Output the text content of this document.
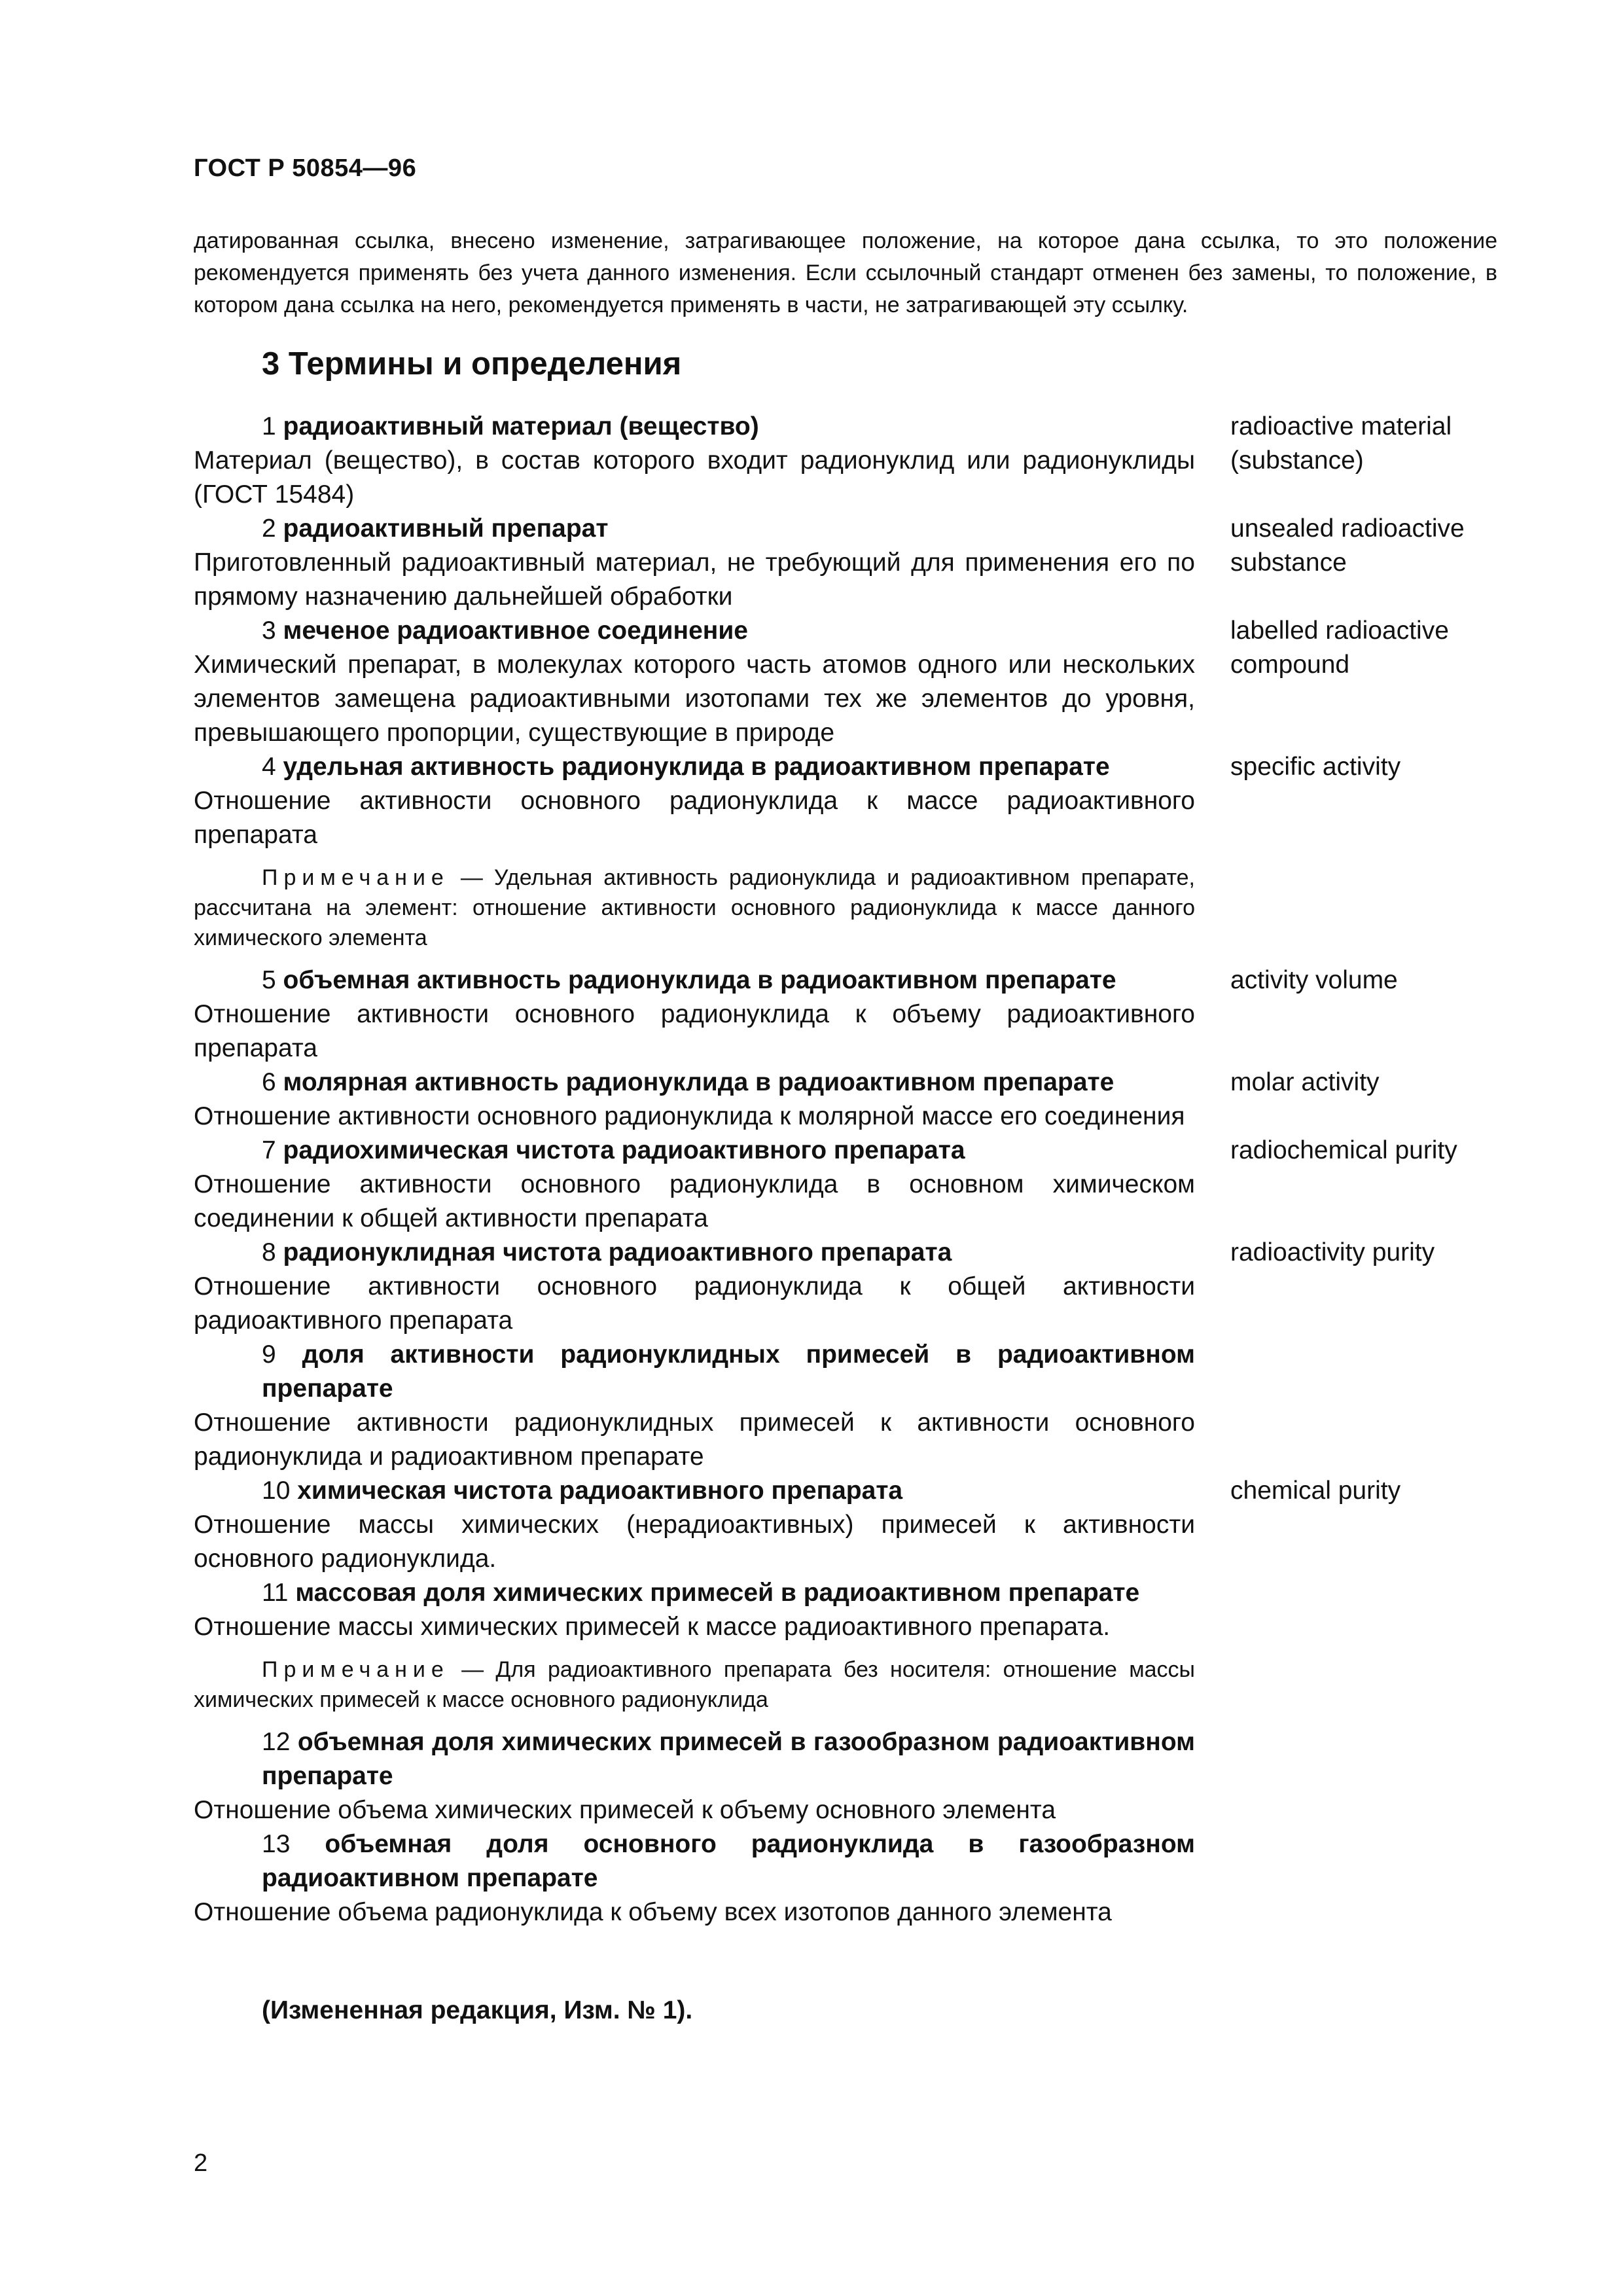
ГОСТ Р 50854—96
датированная ссылка, внесено изменение, затрагивающее положение, на которое дана ссылка, то это положение рекомендуется применять без учета данного изменения. Если ссылочный стандарт отменен без замены, то положение, в котором дана ссылка на него, рекомендуется применять в части, не затрагивающей эту ссылку.
3 Термины и определения
1 радиоактивный материал (вещество)
Материал (вещество), в состав которого входит радионуклид или радионуклиды (ГОСТ 15484)
radioactive material (substance)
2 радиоактивный препарат
Приготовленный радиоактивный материал, не требующий для применения его по прямому назначению дальнейшей обработки
unsealed radioactive substance
3 меченое радиоактивное соединение
Химический препарат, в молекулах которого часть атомов одного или нескольких элементов замещена радиоактивными изотопами тех же элементов до уровня, превышающего пропорции, существующие в природе
labelled radioactive compound
4 удельная активность радионуклида в радиоактивном препарате
Отношение активности основного радионуклида к массе радиоактивного препарата
specific activity
Примечание — Удельная активность радионуклида и радиоактивном препарате, рассчитана на элемент: отношение активности основного радионуклида к массе данного химического элемента
5 объемная активность радионуклида в радиоактивном препарате
Отношение активности основного радионуклида к объему радиоактивного препарата
activity volume
6 молярная активность радионуклида в радиоактивном препарате
Отношение активности основного радионуклида к молярной массе его соединения
molar activity
7 радиохимическая чистота радиоактивного препарата
Отношение активности основного радионуклида в основном химическом соединении к общей активности препарата
radiochemical purity
8 радионуклидная чистота радиоактивного препарата
Отношение активности основного радионуклида к общей активности радиоактивного препарата
radioactivity purity
9 доля активности радионуклидных примесей в радиоактивном препарате
Отношение активности радионуклидных примесей к активности основного радионуклида и радиоактивном препарате
10 химическая чистота радиоактивного препарата
Отношение массы химических (нерадиоактивных) примесей к активности основного радионуклида.
chemical purity
11 массовая доля химических примесей в радиоактивном препарате
Отношение массы химических примесей к массе радиоактивного препарата.
Примечание — Для радиоактивного препарата без носителя: отношение массы химических примесей к массе основного радионуклида
12 объемная доля химических примесей в газообразном радиоактивном препарате
Отношение объема химических примесей к объему основного элемента
13 объемная доля основного радионуклида в газообразном радиоактивном препарате
Отношение объема радионуклида к объему всех изотопов данного элемента
(Измененная редакция, Изм. № 1).
2
